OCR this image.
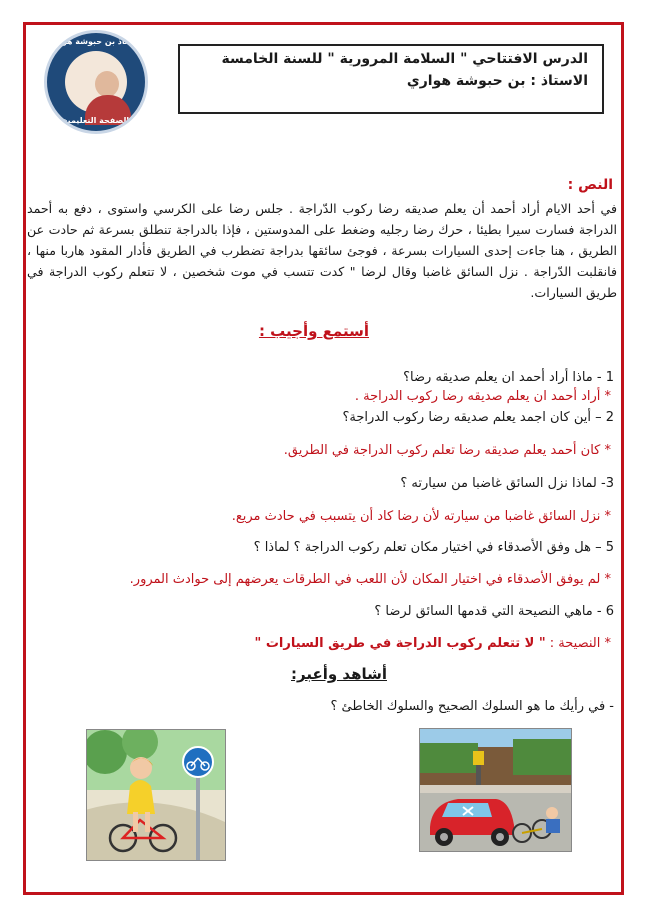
الاستاذ بن حبوشة هواري
الصفحة التعليمية
الدرس الافتتاحي " السلامة المرورية " للسنة الخامسة
الاستاذ : بن حبوشة هواري
النص :
في أحد الايام أراد أحمد أن يعلم صديقه رضا ركوب الدّراجة . جلس رضا على الكرسي واستوى ، دفع به أحمد الدراجة فسارت سيرا بطيئا ، حرك رضا رجليه وضغط على المدوستين ، فإذا بالدراجة تنطلق بسرعة ثم حادت عن الطريق ، هنا جاءت إحدى السيارات بسرعة ، فوجئ سائقها بدراجة تضطرب في الطريق فأدار المقود هاربا منها ، فانقلبت الدّراجة . نزل السائق غاضبا وقال لرضا " كدت تتسب في موت شخصين ، لا تتعلم ركوب الدراجة في طريق السيارات.
أستمع وأجيب :
1 - ماذا أراد أحمد ان يعلم صديقه رضا؟
* أراد أحمد ان يعلم صديقه رضا ركوب الدراجة .
2 – أين كان اجمد يعلم صديقه رضا ركوب الدراجة؟
* كان أحمد يعلم صديقه رضا تعلم ركوب الدراجة في الطريق.
3- لماذا نزل السائق غاضبا من سيارته ؟
* نزل السائق غاضبا من سيارته لأن رضا كاد أن يتسبب في حادث مريع.
5 – هل وفق الأصدقاء في اختيار مكان تعلم ركوب الدراجة ؟ لماذا ؟
* لم يوفق الأصدقاء في اختيار المكان لأن اللعب في الطرقات يعرضهم إلى حوادث المرور.
6 - ماهي النصيحة التي قدمها السائق لرضا ؟
* النصيحة : " لا تتعلم ركوب الدراجة في طريق السيارات "
أشاهد وأعبر:
- في رأيك ما هو السلوك الصحيح والسلوك الخاطئ ؟
